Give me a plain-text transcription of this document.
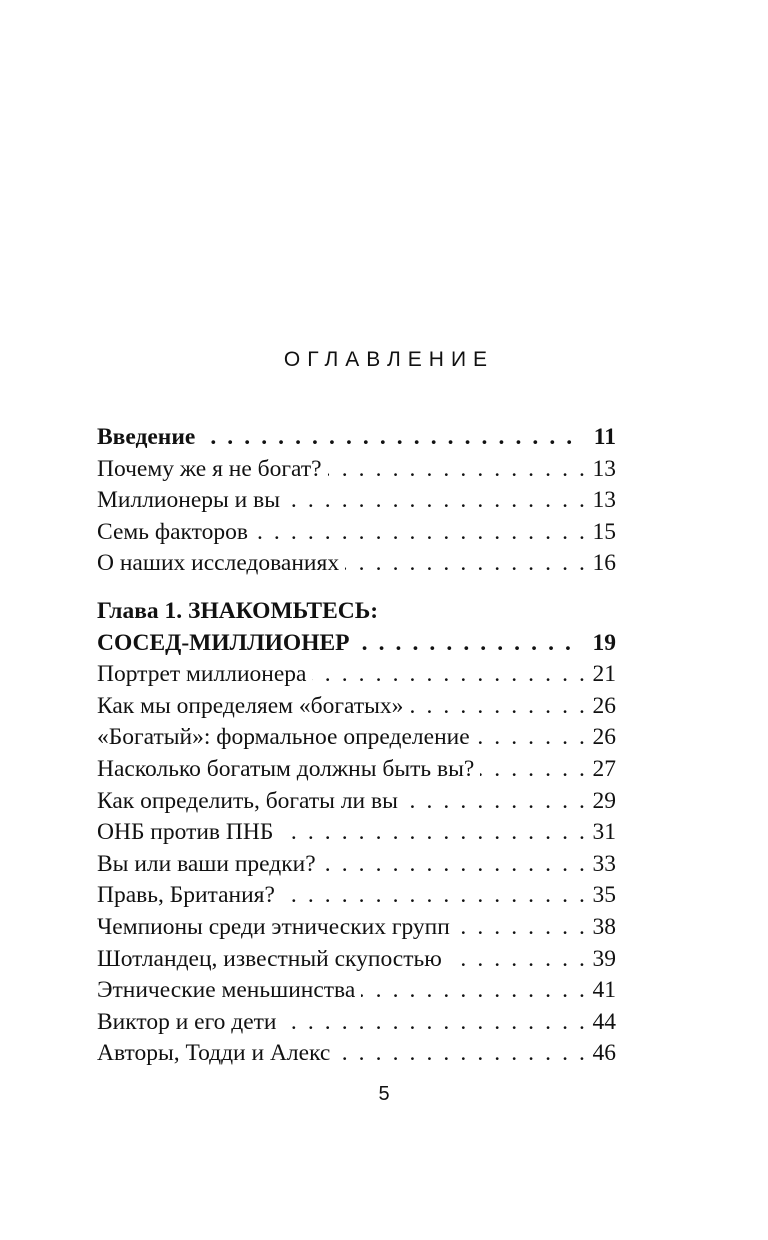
ОГЛАВЛЕНИЕ
Введение . . .	11
Почему же я не богат? . . .	13
Миллионеры и вы . . .	13
Семь факторов . . .	15
О наших исследованиях . . .	16
Глава 1. ЗНАКОМЬТЕСЬ:
СОСЕД-МИЛЛИОНЕР . . .	19
Портрет миллионера . . .	21
Как мы определяем «богатых» . . .	26
«Богатый»: формальное определение . . .	26
Насколько богатым должны быть вы? . . .	27
Как определить, богаты ли вы . . .	29
ОНБ против ПНБ . . .	31
Вы или ваши предки? . . .	33
Правь, Британия? . . .	35
Чемпионы среди этнических групп . . .	38
Шотландец, известный скупостью . . .	39
Этнические меньшинства . . .	41
Виктор и его дети . . .	44
Авторы, Тодди и Алекс . . .	46
5
